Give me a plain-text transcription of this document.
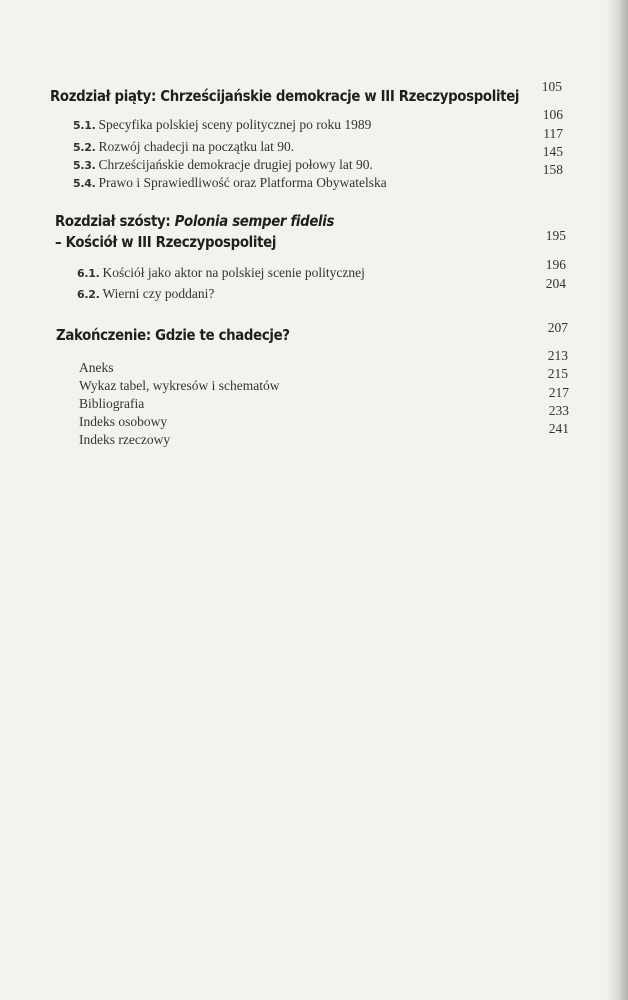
Rozdział piąty: Chrześcijańskie demokracje w III Rzeczypospolitej
105
5.1. Specyfika polskiej sceny politycznej po roku 1989
106
5.2. Rozwój chadecji na początku lat 90.
117
5.3. Chrześcijańskie demokracje drugiej połowy lat 90.
145
5.4. Prawo i Sprawiedliwość oraz Platforma Obywatelska
158
Rozdział szósty: Polonia semper fidelis
– Kościół w III Rzeczypospolitej	195
6.1. Kościół jako aktor na polskiej scenie politycznej
196
6.2. Wierni czy poddani?
204
Zakończenie: Gdzie te chadecje?	207
Aneks
213
Wykaz tabel, wykresów i schematów
215
Bibliografia
217
Indeks osobowy
233
Indeks rzeczowy
241
